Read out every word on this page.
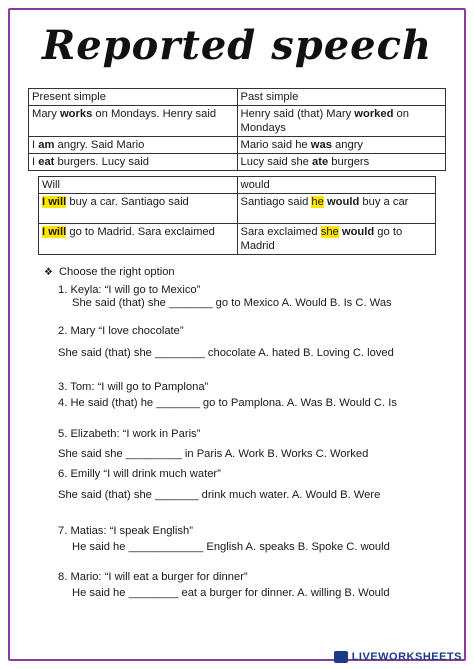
Reported speech
Present simple	Past simple
Mary works on Mondays. Henry said	Henry said (that) Mary worked on Mondays
I am angry. Said Mario	Mario said he was angry
I eat burgers. Lucy said	Lucy said she ate burgers
Will	would
I will buy a car. Santiago said	Santiago said he would buy a car
I will go to Madrid. Sara exclaimed	Sara exclaimed she would go to Madrid
❖ Choose the right option
1. Keyla: “I will go to Mexico”
She said (that) she _______ go to Mexico A. Would B. Is C. Was
2. Mary “I love chocolate”
She said (that) she ________ chocolate A. hated B. Loving C. loved
3. Tom: “I will go to Pamplona”
4. He said (that) he _______ go to Pamplona. A. Was B. Would C. Is
5. Elizabeth: “I work in Paris”
She said she _________ in Paris A. Work B. Works C. Worked
6. Emilly “I will drink much water”
She said (that) she _______ drink much water. A. Would B. Were
7. Matias: “I speak English”
He said he ____________ English A. speaks B. Spoke C. would
8. Mario: “I will eat a burger for dinner”
He said he ________ eat a burger for dinner. A. willing B. Would
LIVEWORKSHEETS
